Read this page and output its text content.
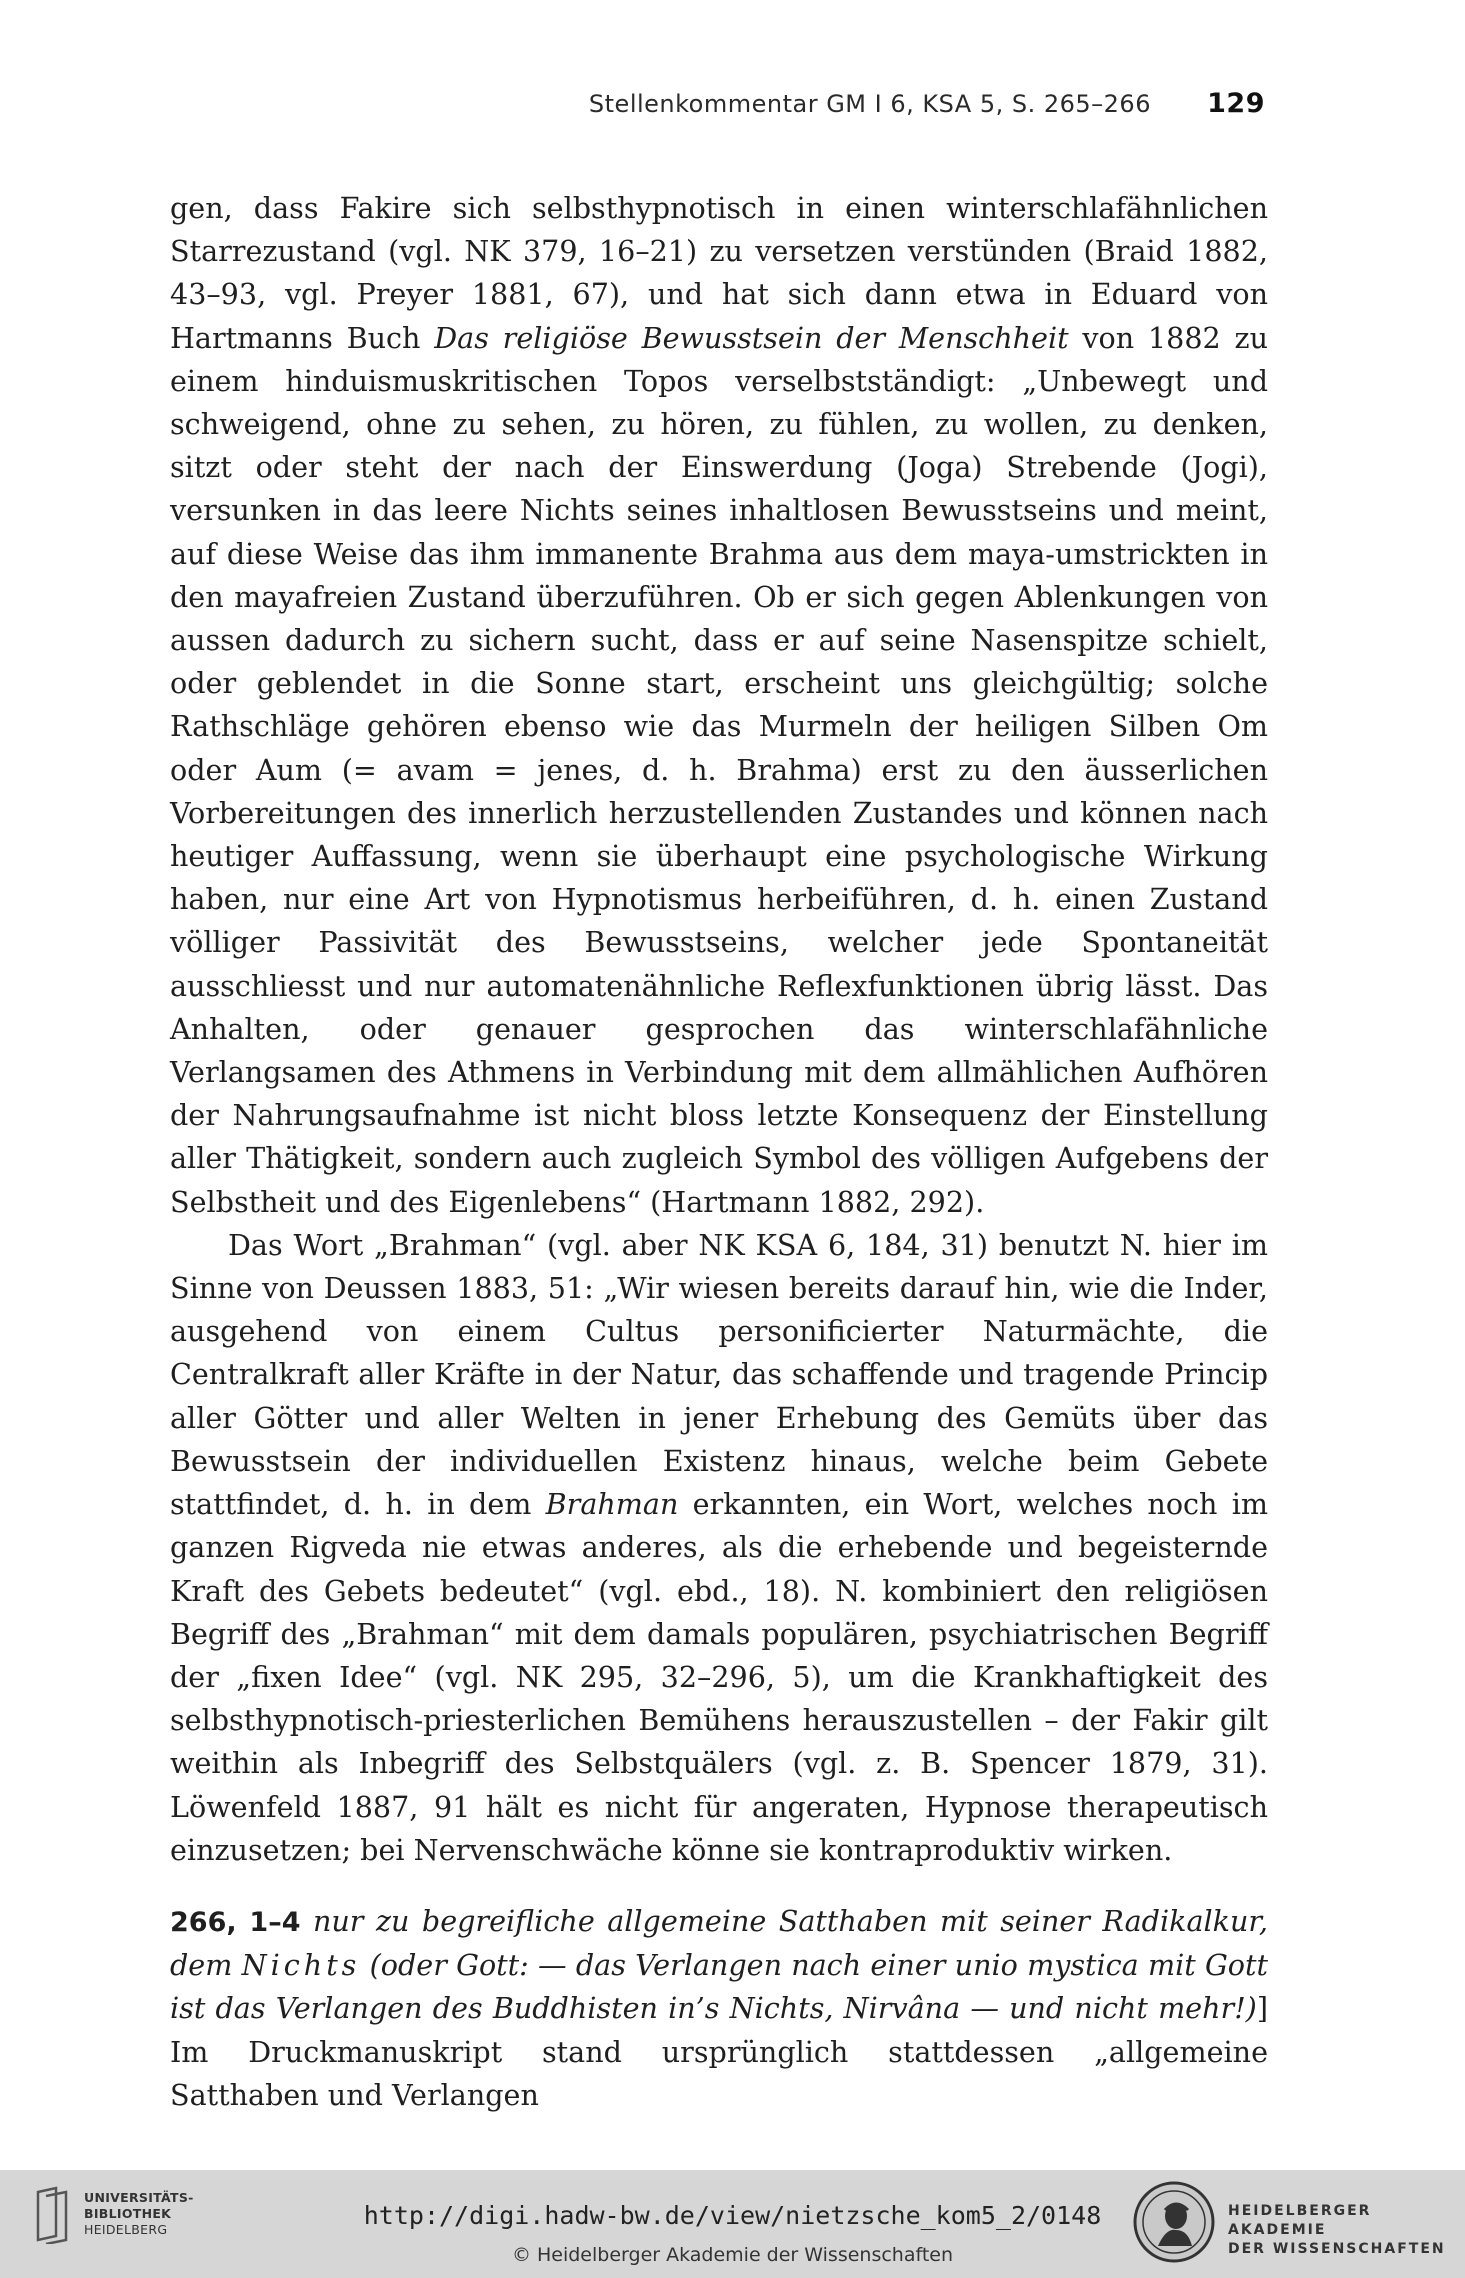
Stellenkommentar GM I 6, KSA 5, S. 265–266 129

gen, dass Fakire sich selbsthypnotisch in einen winterschlafähnlichen Starrezustand (vgl. NK 379, 16–21) zu versetzen verstünden (Braid 1882, 43–93, vgl. Preyer 1881, 67), und hat sich dann etwa in Eduard von Hartmanns Buch Das religiöse Bewusstsein der Menschheit von 1882 zu einem hinduismuskritischen Topos verselbstständigt: „Unbewegt und schweigend, ohne zu sehen, zu hören, zu fühlen, zu wollen, zu denken, sitzt oder steht der nach der Einswerdung (Joga) Strebende (Jogi), versunken in das leere Nichts seines inhaltlosen Bewusstseins und meint, auf diese Weise das ihm immanente Brahma aus dem maya-umstrickten in den mayafreien Zustand überzuführen. Ob er sich gegen Ablenkungen von aussen dadurch zu sichern sucht, dass er auf seine Nasenspitze schielt, oder geblendet in die Sonne start, erscheint uns gleichgültig; solche Rathschläge gehören ebenso wie das Murmeln der heiligen Silben Om oder Aum (= avam = jenes, d. h. Brahma) erst zu den äusserlichen Vorbereitungen des innerlich herzustellenden Zustandes und können nach heutiger Auffassung, wenn sie überhaupt eine psychologische Wirkung haben, nur eine Art von Hypnotismus herbeiführen, d. h. einen Zustand völliger Passivität des Bewusstseins, welcher jede Spontaneität ausschliesst und nur automatenähnliche Reflexfunktionen übrig lässt. Das Anhalten, oder genauer gesprochen das winterschlafähnliche Verlangsamen des Athmens in Verbindung mit dem allmählichen Aufhören der Nahrungsaufnahme ist nicht bloss letzte Konsequenz der Einstellung aller Thätigkeit, sondern auch zugleich Symbol des völligen Aufgebens der Selbstheit und des Eigenlebens“ (Hartmann 1882, 292).

Das Wort „Brahman“ (vgl. aber NK KSA 6, 184, 31) benutzt N. hier im Sinne von Deussen 1883, 51: „Wir wiesen bereits darauf hin, wie die Inder, ausgehend von einem Cultus personificierter Naturmächte, die Centralkraft aller Kräfte in der Natur, das schaffende und tragende Princip aller Götter und aller Welten in jener Erhebung des Gemüts über das Bewusstsein der individuellen Existenz hinaus, welche beim Gebete stattfindet, d. h. in dem Brahman erkannten, ein Wort, welches noch im ganzen Rigveda nie etwas anderes, als die erhebende und begeisternde Kraft des Gebets bedeutet“ (vgl. ebd., 18). N. kombiniert den religiösen Begriff des „Brahman“ mit dem damals populären, psychiatrischen Begriff der „fixen Idee“ (vgl. NK 295, 32–296, 5), um die Krankhaftigkeit des selbsthypnotisch-priesterlichen Bemühens herauszustellen – der Fakir gilt weithin als Inbegriff des Selbstquälers (vgl. z. B. Spencer 1879, 31). Löwenfeld 1887, 91 hält es nicht für angeraten, Hypnose therapeutisch einzusetzen; bei Nervenschwäche könne sie kontraproduktiv wirken.

266, 1–4 nur zu begreifliche allgemeine Satthaben mit seiner Radikalkur, dem Nichts (oder Gott: — das Verlangen nach einer unio mystica mit Gott ist das Verlangen des Buddhisten in’s Nichts, Nirvâna — und nicht mehr!)] Im Druckmanuskript stand ursprünglich stattdessen „allgemeine Satthaben und Verlangen

UNIVERSITÄTS-
BIBLIOTHEK
HEIDELBERG	http://digi.hadw-bw.de/view/nietzsche_kom5_2/0148
© Heidelberger Akademie der Wissenschaften
HEIDELBERGER AKADEMIE
DER WISSENSCHAFTEN
